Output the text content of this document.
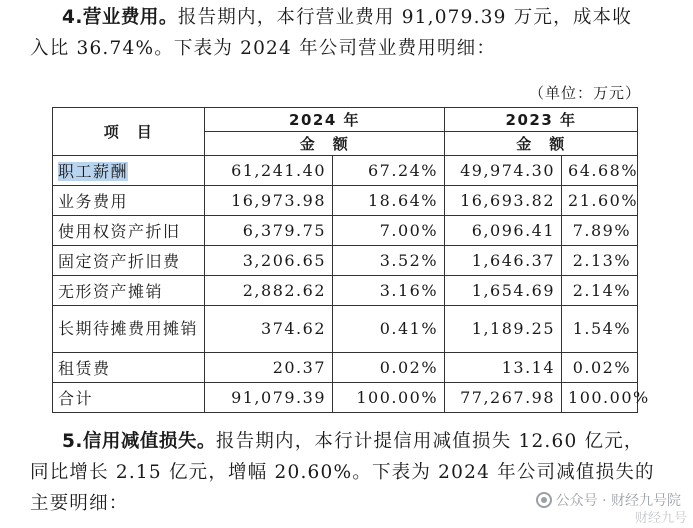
4.营业费用。报告期内，本行营业费用 91,079.39 万元，成本收
入比 36.74%。下表为 2024 年公司营业费用明细：
（单位：万元）
项　目	2024 年		2023 年	
	金　额		金　额	
职工薪酬	61,241.40	67.24%	49,974.30	64.68%
业务费用	16,973.98	18.64%	16,693.82	21.60%
使用权资产折旧	6,379.75	7.00%	6,096.41	7.89%
固定资产折旧费	3,206.65	3.52%	1,646.37	2.13%
无形资产摊销	2,882.62	3.16%	1,654.69	2.14%
长期待摊费用摊销	374.62	0.41%	1,189.25	1.54%
租赁费	20.37	0.02%	13.14	0.02%
合计	91,079.39	100.00%	77,267.98	100.00%
5.信用减值损失。报告期内，本行计提信用减值损失 12.60 亿元，
同比增长 2.15 亿元，增幅 20.60%。下表为 2024 年公司减值损失的
主要明细：	公众号 · 财经九号院
财经九号
